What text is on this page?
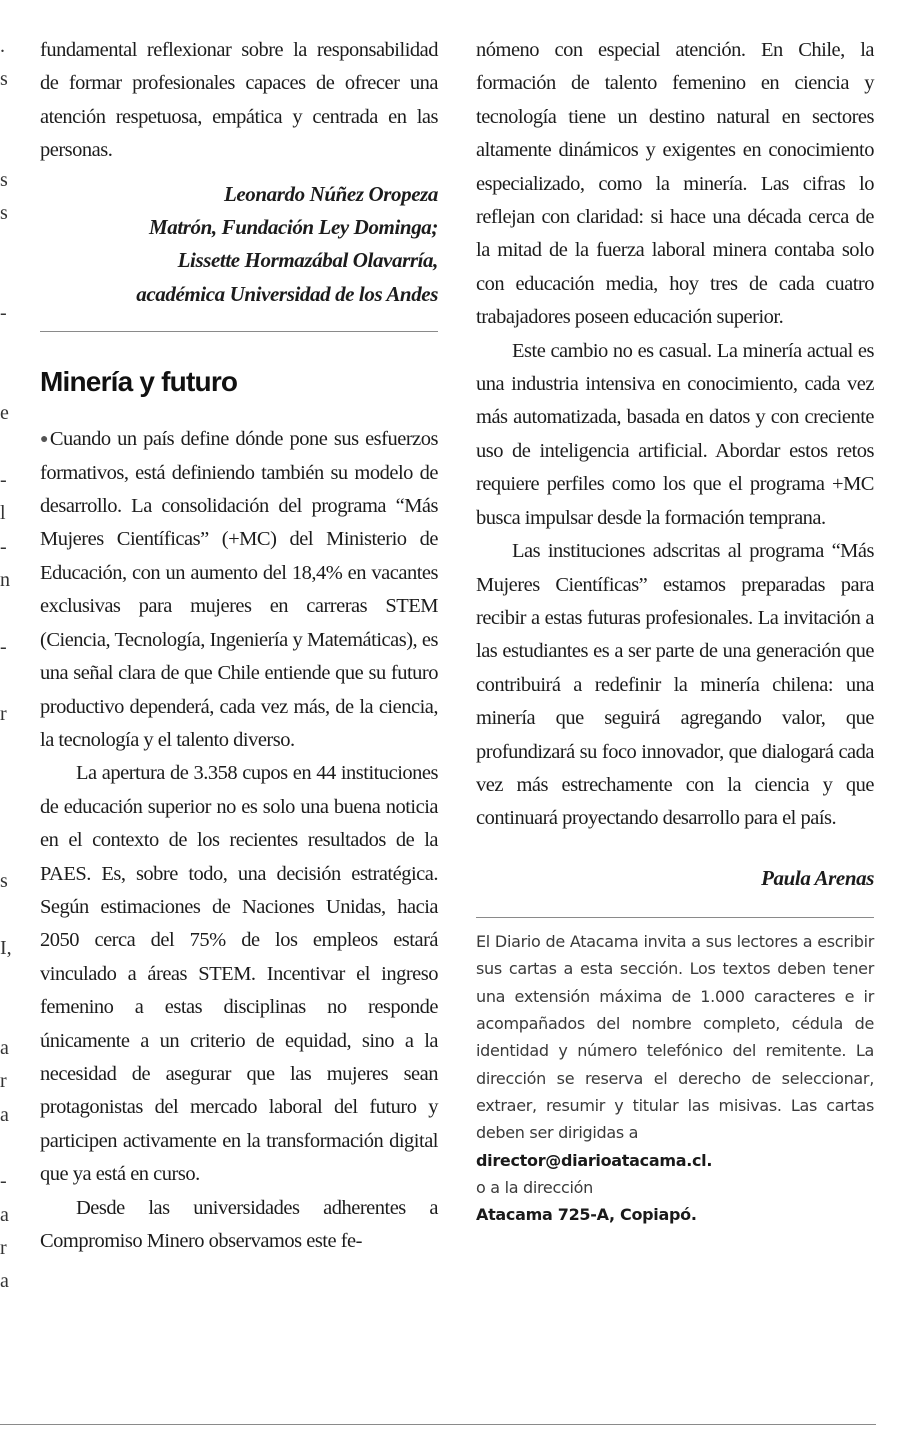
.
s
s
s
-
e
-
l
-
n
-
r
s
I,
a
r
a
-
a
r
a

fundamental reflexionar sobre la responsabilidad de formar profesionales capaces de ofrecer una atención respetuosa, empática y centrada en las personas.

Leonardo Núñez Oropeza
Matrón, Fundación Ley Dominga;
Lissette Hormazábal Olavarría,
académica Universidad de los Andes
Minería y futuro

●Cuando un país define dónde pone sus esfuerzos formativos, está definiendo también su modelo de desarrollo. La consolidación del programa “Más Mujeres Científicas” (+MC) del Ministerio de Educación, con un aumento del 18,4% en vacantes exclusivas para mujeres en carreras STEM (Ciencia, Tecnología, Ingeniería y Matemáticas), es una señal clara de que Chile entiende que su futuro productivo dependerá, cada vez más, de la ciencia, la tecnología y el talento diverso.

La apertura de 3.358 cupos en 44 instituciones de educación superior no es solo una buena noticia en el contexto de los recientes resultados de la PAES. Es, sobre todo, una decisión estratégica. Según estimaciones de Naciones Unidas, hacia 2050 cerca del 75% de los empleos estará vinculado a áreas STEM. Incentivar el ingreso femenino a estas disciplinas no responde únicamente a un criterio de equidad, sino a la necesidad de asegurar que las mujeres sean protagonistas del mercado laboral del futuro y participen activamente en la transformación digital que ya está en curso.

Desde las universidades adherentes a Compromiso Minero observamos este fe-

nómeno con especial atención. En Chile, la formación de talento femenino en ciencia y tecnología tiene un destino natural en sectores altamente dinámicos y exigentes en conocimiento especializado, como la minería. Las cifras lo reflejan con claridad: si hace una década cerca de la mitad de la fuerza laboral minera contaba solo con educación media, hoy tres de cada cuatro trabajadores poseen educación superior.

Este cambio no es casual. La minería actual es una industria intensiva en conocimiento, cada vez más automatizada, basada en datos y con creciente uso de inteligencia artificial. Abordar estos retos requiere perfiles como los que el programa +MC busca impulsar desde la formación temprana.

Las instituciones adscritas al programa “Más Mujeres Científicas” estamos preparadas para recibir a estas futuras profesionales. La invitación a las estudiantes es a ser parte de una generación que contribuirá a redefinir la minería chilena: una minería que seguirá agregando valor, que profundizará su foco innovador, que dialogará cada vez más estrechamente con la ciencia y que continuará proyectando desarrollo para el país.

Paula Arenas
El Diario de Atacama invita a sus lectores a escribir sus cartas a esta sección. Los textos deben tener una extensión máxima de 1.000 caracteres e ir acompañados del nombre completo, cédula de identidad y número telefónico del remitente. La dirección se reserva el derecho de seleccionar, extraer, resumir y titular las misivas. Las cartas deben ser dirigidas a
director@diarioatacama.cl.
o a la dirección
Atacama 725-A, Copiapó.
